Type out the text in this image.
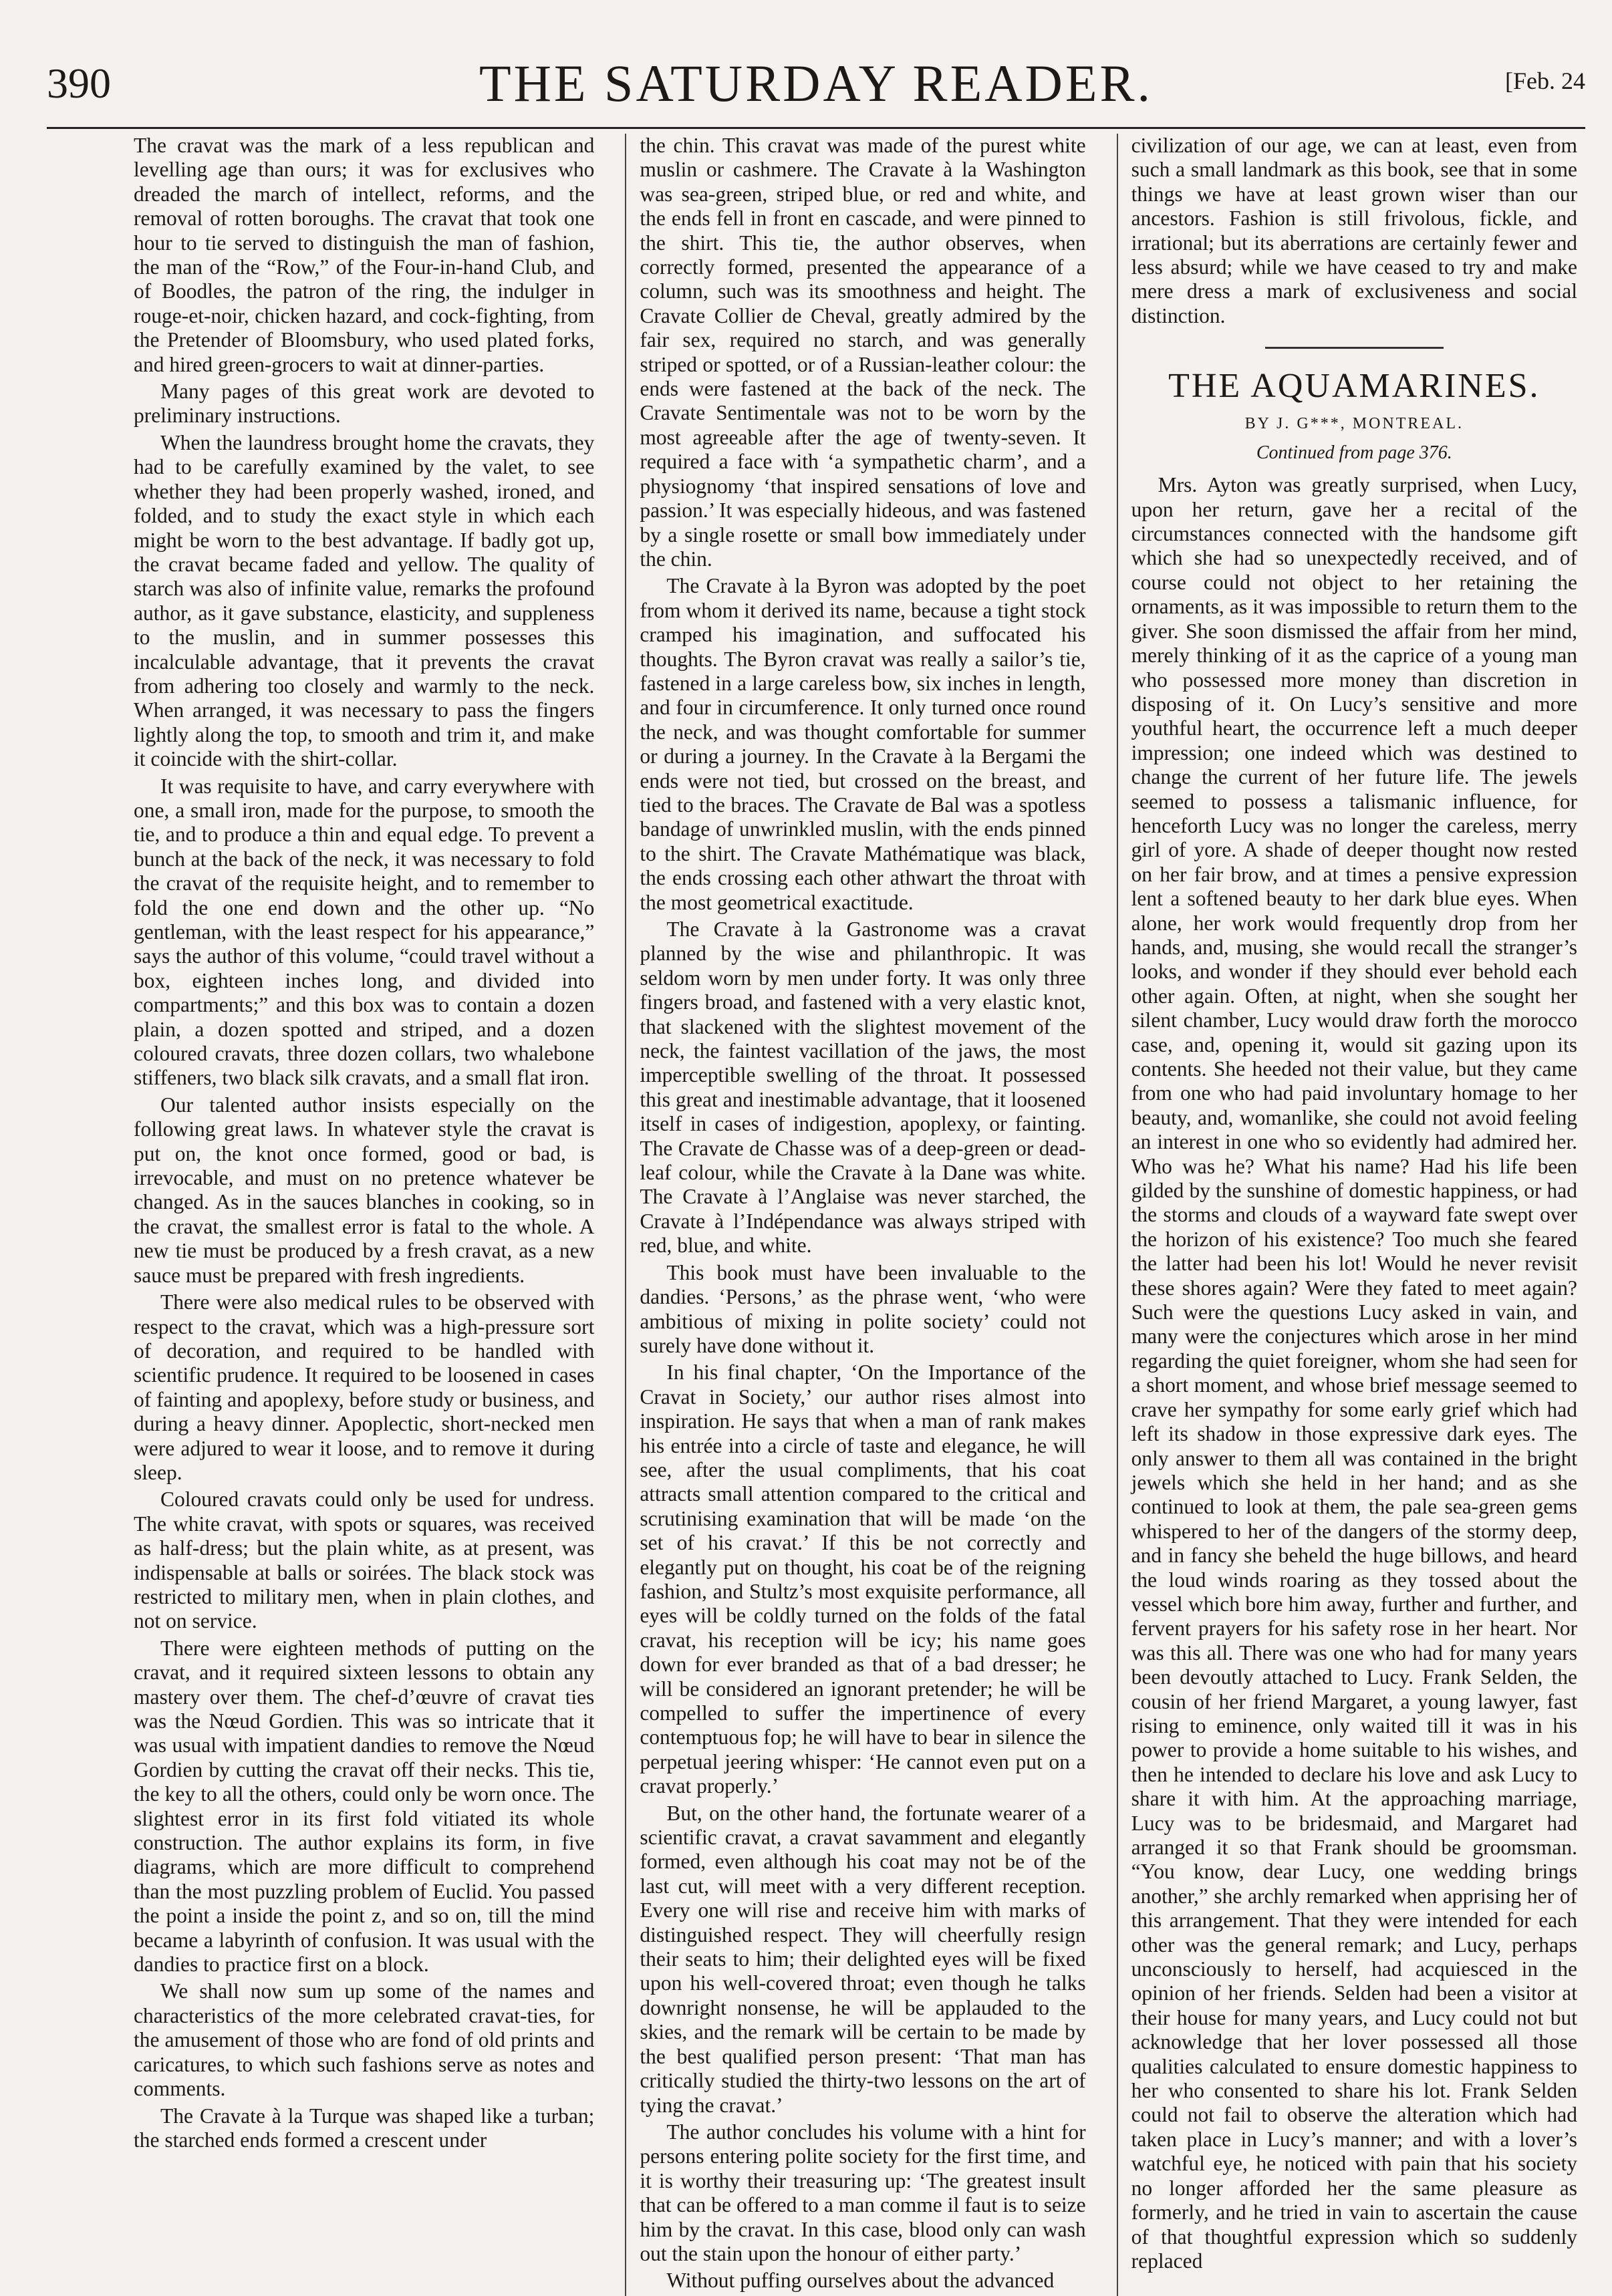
390	THE SATURDAY READER.	[Feb. 24

The cravat was the mark of a less republican and levelling age than ours; it was for exclusives who dreaded the march of intellect, reforms, and the removal of rotten boroughs. The cravat that took one hour to tie served to distinguish the man of fashion, the man of the “Row,” of the Four-in-hand Club, and of Boodles, the patron of the ring, the indulger in rouge-et-noir, chicken hazard, and cock-fighting, from the Pretender of Bloomsbury, who used plated forks, and hired green-grocers to wait at dinner-parties.

Many pages of this great work are devoted to preliminary instructions.

When the laundress brought home the cravats, they had to be carefully examined by the valet, to see whether they had been properly washed, ironed, and folded, and to study the exact style in which each might be worn to the best advantage. If badly got up, the cravat became faded and yellow. The quality of starch was also of infinite value, remarks the profound author, as it gave substance, elasticity, and suppleness to the muslin, and in summer possesses this incalculable advantage, that it prevents the cravat from adhering too closely and warmly to the neck. When arranged, it was necessary to pass the fingers lightly along the top, to smooth and trim it, and make it coincide with the shirt-collar.

It was requisite to have, and carry everywhere with one, a small iron, made for the purpose, to smooth the tie, and to produce a thin and equal edge. To prevent a bunch at the back of the neck, it was necessary to fold the cravat of the requisite height, and to remember to fold the one end down and the other up. “No gentleman, with the least respect for his appearance,” says the author of this volume, “could travel without a box, eighteen inches long, and divided into compartments;” and this box was to contain a dozen plain, a dozen spotted and striped, and a dozen coloured cravats, three dozen collars, two whalebone stiffeners, two black silk cravats, and a small flat iron.

Our talented author insists especially on the following great laws. In whatever style the cravat is put on, the knot once formed, good or bad, is irrevocable, and must on no pretence whatever be changed. As in the sauces blanches in cooking, so in the cravat, the smallest error is fatal to the whole. A new tie must be produced by a fresh cravat, as a new sauce must be prepared with fresh ingredients.

There were also medical rules to be observed with respect to the cravat, which was a high-pressure sort of decoration, and required to be handled with scientific prudence. It required to be loosened in cases of fainting and apoplexy, before study or business, and during a heavy dinner. Apoplectic, short-necked men were adjured to wear it loose, and to remove it during sleep.

Coloured cravats could only be used for undress. The white cravat, with spots or squares, was received as half-dress; but the plain white, as at present, was indispensable at balls or soirées. The black stock was restricted to military men, when in plain clothes, and not on service.

There were eighteen methods of putting on the cravat, and it required sixteen lessons to obtain any mastery over them. The chef-d’œuvre of cravat ties was the Nœud Gordien. This was so intricate that it was usual with impatient dandies to remove the Nœud Gordien by cutting the cravat off their necks. This tie, the key to all the others, could only be worn once. The slightest error in its first fold vitiated its whole construction. The author explains its form, in five diagrams, which are more difficult to comprehend than the most puzzling problem of Euclid. You passed the point a inside the point z, and so on, till the mind became a labyrinth of confusion. It was usual with the dandies to practice first on a block.

We shall now sum up some of the names and characteristics of the more celebrated cravat-ties, for the amusement of those who are fond of old prints and caricatures, to which such fashions serve as notes and comments.

The Cravate à la Turque was shaped like a turban; the starched ends formed a crescent under

the chin. This cravat was made of the purest white muslin or cashmere. The Cravate à la Washington was sea-green, striped blue, or red and white, and the ends fell in front en cascade, and were pinned to the shirt. This tie, the author observes, when correctly formed, presented the appearance of a column, such was its smoothness and height. The Cravate Collier de Cheval, greatly admired by the fair sex, required no starch, and was generally striped or spotted, or of a Russian-leather colour: the ends were fastened at the back of the neck. The Cravate Sentimentale was not to be worn by the most agreeable after the age of twenty-seven. It required a face with ‘a sympathetic charm’, and a physiognomy ‘that inspired sensations of love and passion.’ It was especially hideous, and was fastened by a single rosette or small bow immediately under the chin.

The Cravate à la Byron was adopted by the poet from whom it derived its name, because a tight stock cramped his imagination, and suffocated his thoughts. The Byron cravat was really a sailor’s tie, fastened in a large careless bow, six inches in length, and four in circumference. It only turned once round the neck, and was thought comfortable for summer or during a journey. In the Cravate à la Bergami the ends were not tied, but crossed on the breast, and tied to the braces. The Cravate de Bal was a spotless bandage of unwrinkled muslin, with the ends pinned to the shirt. The Cravate Mathématique was black, the ends crossing each other athwart the throat with the most geometrical exactitude.

The Cravate à la Gastronome was a cravat planned by the wise and philanthropic. It was seldom worn by men under forty. It was only three fingers broad, and fastened with a very elastic knot, that slackened with the slightest movement of the neck, the faintest vacillation of the jaws, the most imperceptible swelling of the throat. It possessed this great and inestimable advantage, that it loosened itself in cases of indigestion, apoplexy, or fainting. The Cravate de Chasse was of a deep-green or dead-leaf colour, while the Cravate à la Dane was white. The Cravate à l’Anglaise was never starched, the Cravate à l’Indépendance was always striped with red, blue, and white.

This book must have been invaluable to the dandies. ‘Persons,’ as the phrase went, ‘who were ambitious of mixing in polite society’ could not surely have done without it.

In his final chapter, ‘On the Importance of the Cravat in Society,’ our author rises almost into inspiration. He says that when a man of rank makes his entrée into a circle of taste and elegance, he will see, after the usual compliments, that his coat attracts small attention compared to the critical and scrutinising examination that will be made ‘on the set of his cravat.’ If this be not correctly and elegantly put on thought, his coat be of the reigning fashion, and Stultz’s most exquisite performance, all eyes will be coldly turned on the folds of the fatal cravat, his reception will be icy; his name goes down for ever branded as that of a bad dresser; he will be considered an ignorant pretender; he will be compelled to suffer the impertinence of every contemptuous fop; he will have to bear in silence the perpetual jeering whisper: ‘He cannot even put on a cravat properly.’

But, on the other hand, the fortunate wearer of a scientific cravat, a cravat savamment and elegantly formed, even although his coat may not be of the last cut, will meet with a very different reception. Every one will rise and receive him with marks of distinguished respect. They will cheerfully resign their seats to him; their delighted eyes will be fixed upon his well-covered throat; even though he talks downright nonsense, he will be applauded to the skies, and the remark will be certain to be made by the best qualified person present: ‘That man has critically studied the thirty-two lessons on the art of tying the cravat.’

The author concludes his volume with a hint for persons entering polite society for the first time, and it is worthy their treasuring up: ‘The greatest insult that can be offered to a man comme il faut is to seize him by the cravat. In this case, blood only can wash out the stain upon the honour of either party.’

Without puffing ourselves about the advanced

civilization of our age, we can at least, even from such a small landmark as this book, see that in some things we have at least grown wiser than our ancestors. Fashion is still frivolous, fickle, and irrational; but its aberrations are certainly fewer and less absurd; while we have ceased to try and make mere dress a mark of exclusiveness and social distinction.

THE AQUAMARINES.
BY J. G***, MONTREAL.
Continued from page 376.

Mrs. Ayton was greatly surprised, when Lucy, upon her return, gave her a recital of the circumstances connected with the handsome gift which she had so unexpectedly received, and of course could not object to her retaining the ornaments, as it was impossible to return them to the giver. She soon dismissed the affair from her mind, merely thinking of it as the caprice of a young man who possessed more money than discretion in disposing of it. On Lucy’s sensitive and more youthful heart, the occurrence left a much deeper impression; one indeed which was destined to change the current of her future life. The jewels seemed to possess a talismanic influence, for henceforth Lucy was no longer the careless, merry girl of yore. A shade of deeper thought now rested on her fair brow, and at times a pensive expression lent a softened beauty to her dark blue eyes. When alone, her work would frequently drop from her hands, and, musing, she would recall the stranger’s looks, and wonder if they should ever behold each other again. Often, at night, when she sought her silent chamber, Lucy would draw forth the morocco case, and, opening it, would sit gazing upon its contents. She heeded not their value, but they came from one who had paid involuntary homage to her beauty, and, womanlike, she could not avoid feeling an interest in one who so evidently had admired her. Who was he? What his name? Had his life been gilded by the sunshine of domestic happiness, or had the storms and clouds of a wayward fate swept over the horizon of his existence? Too much she feared the latter had been his lot! Would he never revisit these shores again? Were they fated to meet again? Such were the questions Lucy asked in vain, and many were the conjectures which arose in her mind regarding the quiet foreigner, whom she had seen for a short moment, and whose brief message seemed to crave her sympathy for some early grief which had left its shadow in those expressive dark eyes. The only answer to them all was contained in the bright jewels which she held in her hand; and as she continued to look at them, the pale sea-green gems whispered to her of the dangers of the stormy deep, and in fancy she beheld the huge billows, and heard the loud winds roaring as they tossed about the vessel which bore him away, further and further, and fervent prayers for his safety rose in her heart. Nor was this all. There was one who had for many years been devoutly attached to Lucy. Frank Selden, the cousin of her friend Margaret, a young lawyer, fast rising to eminence, only waited till it was in his power to provide a home suitable to his wishes, and then he intended to declare his love and ask Lucy to share it with him. At the approaching marriage, Lucy was to be bridesmaid, and Margaret had arranged it so that Frank should be groomsman. “You know, dear Lucy, one wedding brings another,” she archly remarked when apprising her of this arrangement. That they were intended for each other was the general remark; and Lucy, perhaps unconsciously to herself, had acquiesced in the opinion of her friends. Selden had been a visitor at their house for many years, and Lucy could not but acknowledge that her lover possessed all those qualities calculated to ensure domestic happiness to her who consented to share his lot. Frank Selden could not fail to observe the alteration which had taken place in Lucy’s manner; and with a lover’s watchful eye, he noticed with pain that his society no longer afforded her the same pleasure as formerly, and he tried in vain to ascertain the cause of that thoughtful expression which so suddenly replaced
